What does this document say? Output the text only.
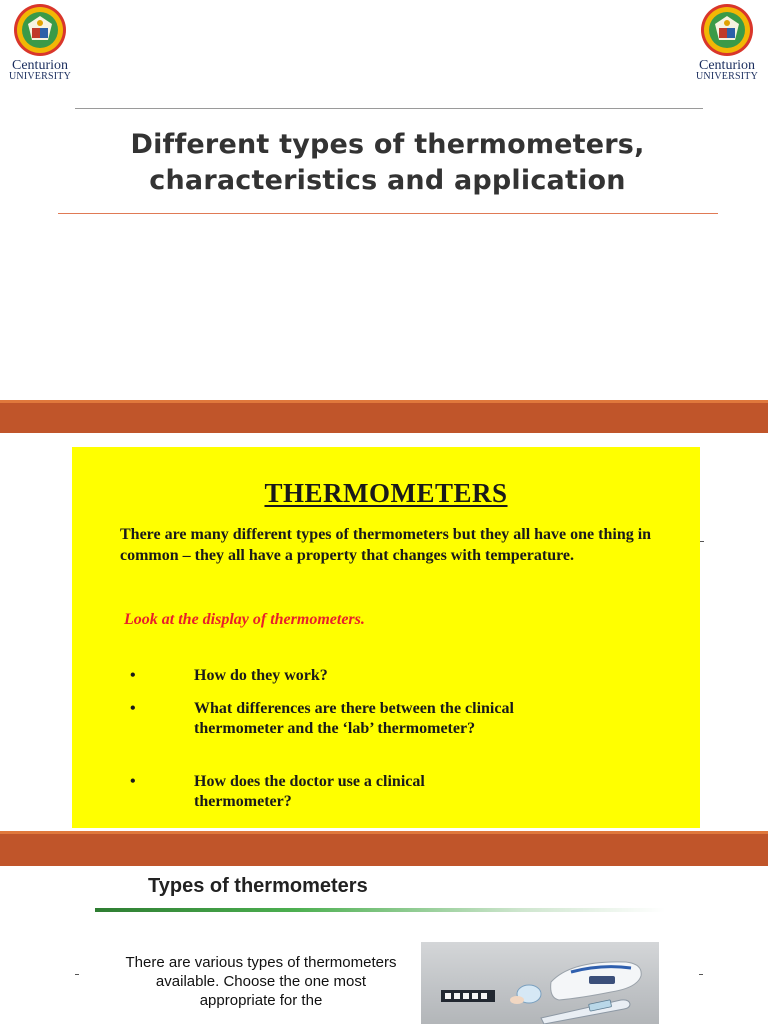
Centurion
UNIVERSITY
Centurion
UNIVERSITY
Different types of thermometers,
characteristics and application
THERMOMETERS
There are many different types of thermometers but they all have one thing in common – they all have a property that changes with temperature.
Look at the display of thermometers.
•	How do they work?
•	What differences are there between the clinical thermometer and the ‘lab’ thermometer?
•	How does the doctor use a clinical thermometer?
Types of thermometers
There are various types of thermometers available. Choose the one most appropriate for the
